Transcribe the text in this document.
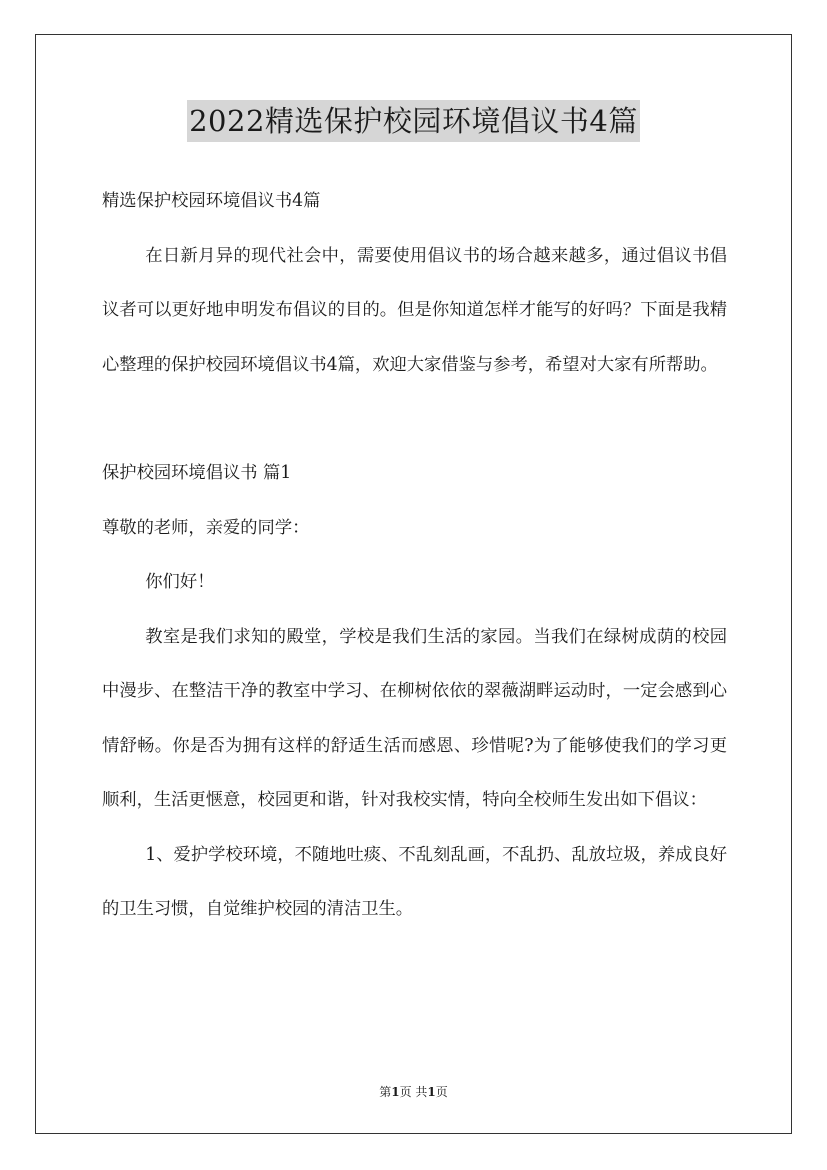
2022精选保护校园环境倡议书4篇

精选保护校园环境倡议书4篇

在日新月异的现代社会中，需要使用倡议书的场合越来越多，通过倡议书倡议者可以更好地申明发布倡议的目的。但是你知道怎样才能写的好吗？下面是我精心整理的保护校园环境倡议书4篇，欢迎大家借鉴与参考，希望对大家有所帮助。

保护校园环境倡议书 篇1

尊敬的老师，亲爱的同学：

你们好！

教室是我们求知的殿堂，学校是我们生活的家园。当我们在绿树成荫的校园中漫步、在整洁干净的教室中学习、在柳树依依的翠薇湖畔运动时，一定会感到心情舒畅。你是否为拥有这样的舒适生活而感恩、珍惜呢?为了能够使我们的学习更顺利，生活更惬意，校园更和谐，针对我校实情，特向全校师生发出如下倡议：

1、爱护学校环境，不随地吐痰、不乱刻乱画，不乱扔、乱放垃圾，养成良好的卫生习惯，自觉维护校园的清洁卫生。

第1页 共1页
